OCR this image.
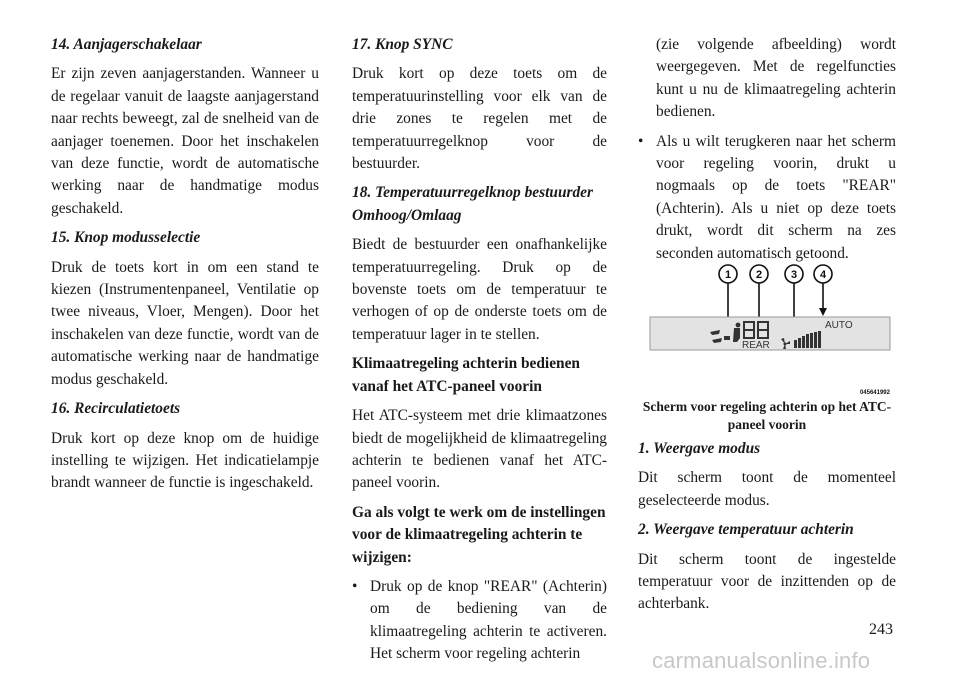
14. Aanjagerschakelaar

Er zijn zeven aanjagerstanden. Wanneer u de regelaar vanuit de laagste aanjagerstand naar rechts beweegt, zal de snelheid van de aanjager toenemen. Door het inschakelen van deze functie, wordt de automatische werking naar de handmatige modus geschakeld.

15. Knop modusselectie

Druk de toets kort in om een stand te kiezen (Instrumentenpaneel, Ventilatie op twee niveaus, Vloer, Mengen). Door het inschakelen van deze functie, wordt van de automatische werking naar de handmatige modus geschakeld.

16. Recirculatietoets

Druk kort op deze knop om de huidige instelling te wijzigen. Het indicatielampje brandt wanneer de functie is ingeschakeld.

17. Knop SYNC

Druk kort op deze toets om de temperatuurinstelling voor elk van de drie zones te regelen met de temperatuurregelknop voor de bestuurder.

18. Temperatuurregelknop bestuurder Omhoog/Omlaag

Biedt de bestuurder een onafhankelijke temperatuurregeling. Druk op de bovenste toets om de temperatuur te verhogen of op de onderste toets om de temperatuur lager in te stellen.

Klimaatregeling achterin bedienen vanaf het ATC-paneel voorin

Het ATC-systeem met drie klimaatzones biedt de mogelijkheid de klimaatregeling achterin te bedienen vanaf het ATC-paneel voorin.

Ga als volgt te werk om de instellingen voor de klimaatregeling achterin te wijzigen:
• Druk op de knop "REAR" (Achterin) om de bediening van de klimaatregeling achterin te activeren. Het scherm voor regeling achterin

(zie volgende afbeelding) wordt weergegeven. Met de regelfuncties kunt u nu de klimaatregeling achterin bedienen.

• Als u wilt terugkeren naar het scherm voor regeling voorin, drukt u nogmaals op de toets "REAR" (Achterin). Als u niet op deze toets drukt, wordt dit scherm na zes seconden automatisch getoond.
1 2	3 4
REAR
AUTO
045641992
Scherm voor regeling achterin op het ATC-paneel voorin
1. Weergave modus

Dit scherm toont de momenteel geselecteerde modus.

2. Weergave temperatuur achterin

Dit scherm toont de ingestelde temperatuur voor de inzittenden op de achterbank.

243
carmanualsonline.info
